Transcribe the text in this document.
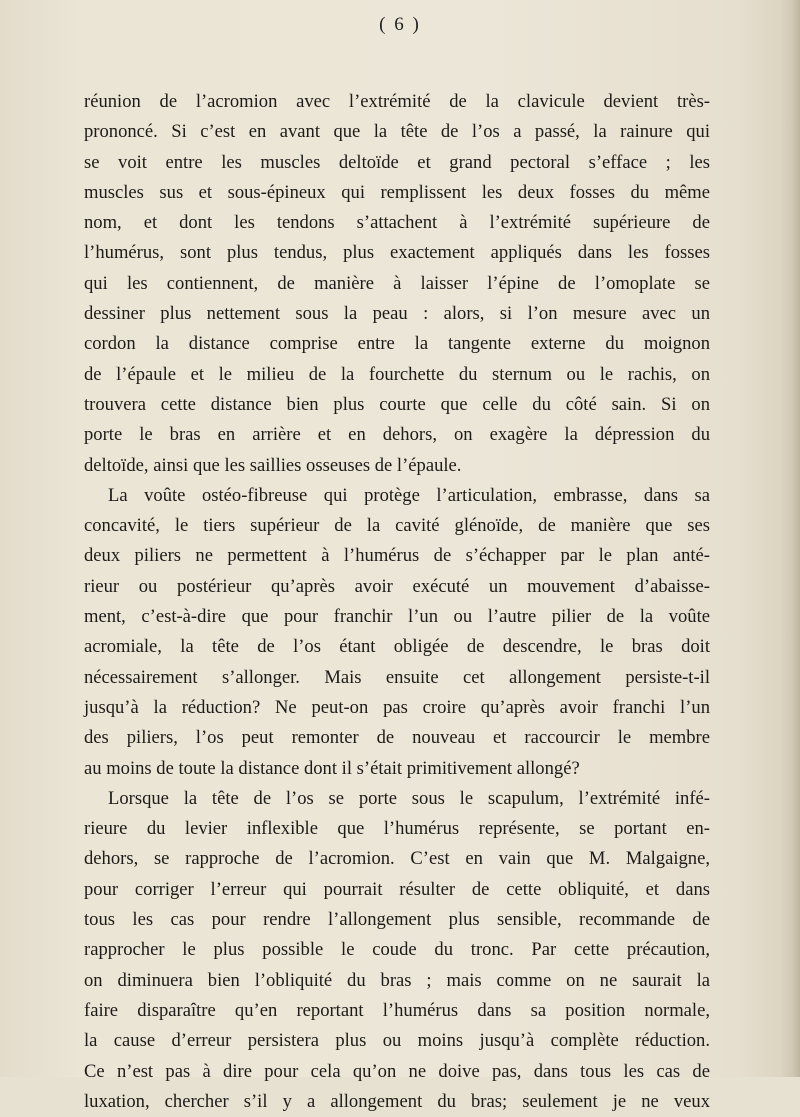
( 6 )
réunion de l’acromion avec l’extrémité de la clavicule devient très-
prononcé. Si c’est en avant que la tête de l’os a passé, la rainure qui
se voit entre les muscles deltoïde et grand pectoral s’efface ; les
muscles sus et sous-épineux qui remplissent les deux fosses du même
nom, et dont les tendons s’attachent à l’extrémité supérieure de
l’humérus, sont plus tendus, plus exactement appliqués dans les fosses
qui les contiennent, de manière à laisser l’épine de l’omoplate se
dessiner plus nettement sous la peau : alors, si l’on mesure avec un
cordon la distance comprise entre la tangente externe du moignon
de l’épaule et le milieu de la fourchette du sternum ou le rachis, on
trouvera cette distance bien plus courte que celle du côté sain. Si on
porte le bras en arrière et en dehors, on exagère la dépression du
deltoïde, ainsi que les saillies osseuses de l’épaule.
La voûte ostéo-fibreuse qui protège l’articulation, embrasse, dans sa
concavité, le tiers supérieur de la cavité glénoïde, de manière que ses
deux piliers ne permettent à l’humérus de s’échapper par le plan anté-
rieur ou postérieur qu’après avoir exécuté un mouvement d’abaisse-
ment, c’est-à-dire que pour franchir l’un ou l’autre pilier de la voûte
acromiale, la tête de l’os étant obligée de descendre, le bras doit
nécessairement s’allonger. Mais ensuite cet allongement persiste-t-il
jusqu’à la réduction? Ne peut-on pas croire qu’après avoir franchi l’un
des piliers, l’os peut remonter de nouveau et raccourcir le membre
au moins de toute la distance dont il s’était primitivement allongé?
Lorsque la tête de l’os se porte sous le scapulum, l’extrémité infé-
rieure du levier inflexible que l’humérus représente, se portant en-
dehors, se rapproche de l’acromion. C’est en vain que M. Malgaigne,
pour corriger l’erreur qui pourrait résulter de cette obliquité, et dans
tous les cas pour rendre l’allongement plus sensible, recommande de
rapprocher le plus possible le coude du tronc. Par cette précaution,
on diminuera bien l’obliquité du bras ; mais comme on ne saurait la
faire disparaître qu’en reportant l’humérus dans sa position normale,
la cause d’erreur persistera plus ou moins jusqu’à complète réduction.
Ce n’est pas à dire pour cela qu’on ne doive pas, dans tous les cas de
luxation, chercher s’il y a allongement du bras; seulement je ne veux
